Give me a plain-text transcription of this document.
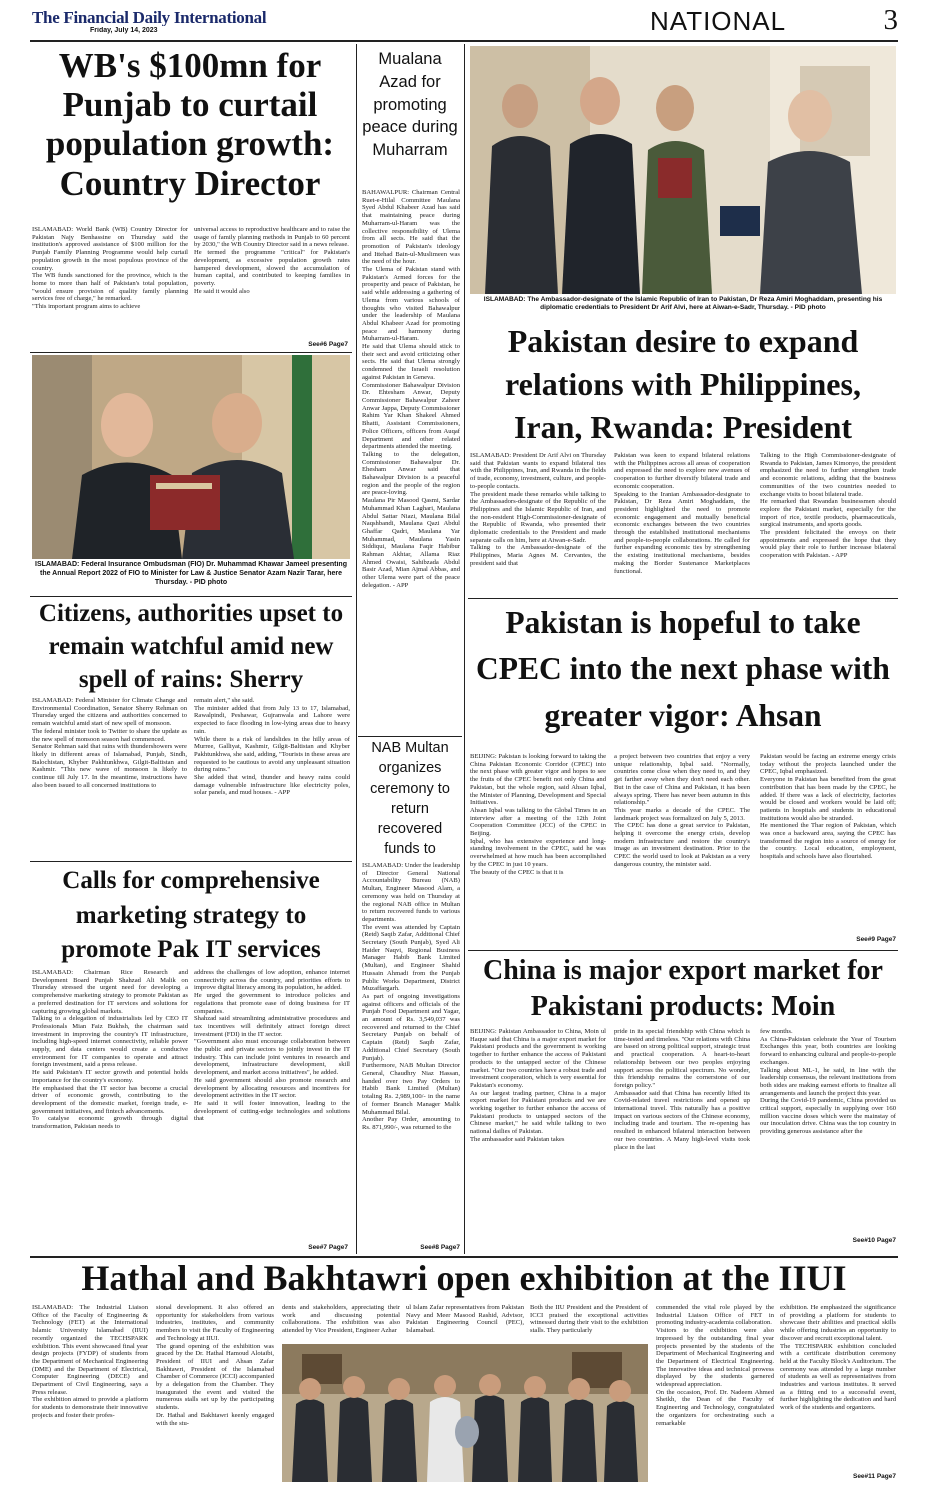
The Financial Daily International
Friday, July 14, 2023	NATIONAL	3
WB's $100mn for Punjab to curtail population growth: Country Director
ISLAMABAD: World Bank (WB) Country Director for Pakistan Najy Benhassine on Thursday said the institution's approved assistance of $100 million for the Punjab Family Planning Programme would help curtail population growth in the most populous province of the country.
The WB funds sanctioned for the province, which is the home to more than half of Pakistan's total population, "would ensure provision of quality family planning services free of charge," he remarked.
"This important program aims to achieve
universal access to reproductive healthcare and to raise the usage of family planning methods in Punjab to 60 percent by 2030," the WB Country Director said in a news release.
He termed the programme "critical" for Pakistan's development, as excessive population growth rates hampered development, slowed the accumulation of human capital, and contributed to keeping families in poverty.
He said it would also
See#6 Page7
ISLAMABAD: Federal Insurance Ombudsman (FIO) Dr. Muhammad Khawar Jameel presenting the Annual Report 2022 of FIO to Minister for Law & Justice Senator Azam Nazir Tarar, here Thursday. - PID photo
Citizens, authorities upset to remain watchful amid new spell of rains: Sherry
ISLAMABAD: Federal Minister for Climate Change and Environmental Coordination, Senator Sherry Rehman on Thursday urged the citizens and authorities concerned to remain watchful amid start of new spell of monsoon.
The federal minister took to Twitter to share the update as the new spell of monsoon season had commenced.
Senator Rehman said that rains with thundershowers were likely in different areas of Islamabad, Punjab, Sindh, Balochistan, Khyber Pakhtunkhwa, Gilgit-Baltistan and Kashmir. "This new wave of monsoon is likely to continue till July 17. In the meantime, instructions have also been issued to all concerned institutions to
remain alert," she said.
The minister added that from July 13 to 17, Islamabad, Rawalpindi, Peshawar, Gujranwala and Lahore were expected to face flooding in low-lying areas due to heavy rain.
While there is a risk of landslides in the hilly areas of Murree, Galliyat, Kashmir, Gilgit-Baltistan and Khyber Pakhtunkhwa, she said, adding, "Tourists in these areas are requested to be cautious to avoid any unpleasant situation during rains."
She added that wind, thunder and heavy rains could damage vulnerable infrastructure like electricity poles, solar panels, and mud houses. - APP
Calls for comprehensive marketing strategy to promote Pak IT services
ISLAMABAD: Chairman Rice Research and Development Board Punjab Shahzad Ali Malik on Thursday stressed the urgent need for developing a comprehensive marketing strategy to promote Pakistan as a preferred destination for IT services and solutions for capturing growing global markets.
Talking to a delegation of industrialists led by CEO IT Professionals Mian Faiz Bukhsh, the chairman said investment in improving the country's IT infrastructure, including high-speed internet connectivity, reliable power supply, and data centers would create a conducive environment for IT companies to operate and attract foreign investment, said a press release.
He said Pakistan's IT sector growth and potential holds importance for the country's economy.
He emphasised that the IT sector has become a crucial driver of economic growth, contributing to the development of the domestic market, foreign trade, e-government initiatives, and fintech advancements.
To catalyse economic growth through digital transformation, Pakistan needs to
address the challenges of low adoption, enhance internet connectivity across the country, and priorities efforts to improve digital literacy among its population, he added.
He urged the government to introduce policies and regulations that promote ease of doing business for IT companies.
Shahzad said streamlining administrative procedures and tax incentives will definitely attract foreign direct investment (FDI) in the IT sector.
"Government also must encourage collaboration between the public and private sectors to jointly invest in the IT industry. This can include joint ventures in research and development, infrastructure development, skill development, and market access initiatives", he added.
He said government should also promote research and development by allocating resources and incentives for development activities in the IT sector.
He said it will foster innovation, leading to the development of cutting-edge technologies and solutions that
See#7 Page7
Mualana Azad for promoting peace during Muharram
BAHAWALPUR: Chairman Central Ruet-e-Hilal Committee Maulana Syed Abdul Khabeer Azad has said that maintaining peace during Muharram-ul-Haram was the collective responsibility of Ulema from all sects. He said that the promotion of Pakistan's ideology and Ittehad Bain-ul-Muslimeen was the need of the hour.
The Ulema of Pakistan stand with Pakistan's Armed forces for the prosperity and peace of Pakistan, he said while addressing a gathering of Ulema from various schools of thoughts who visited Bahawalpur under the leadership of Maulana Abdul Khabeer Azad for promoting peace and harmony during Muharram-ul-Haram.
He said that Ulema should stick to their sect and avoid criticizing other sects. He said that Ulema strongly condemned the Israeli resolution against Pakistan in Geneva.
Commissioner Bahawalpur Division Dr. Ehtesham Anwar, Deputy Commissioner Bahawalpur Zaheer Anwar Jappa, Deputy Commissioner Rahim Yar Khan Shakeel Ahmed Bhatti, Assistant Commissioners, Police Officers, officers from Auqaf Department and other related departments attended the meeting.
Talking to the delegation, Commissioner Bahawalpur Dr. Ehesham Anwar said that Bahawalpur Division is a peaceful region and the people of the region are peace-loving.
Maulana Pir Masood Qasmi, Sardar Muhammad Khan Laghari, Maulana Abdul Sattar Niazi, Maulana Bilal Naqshbandi, Maulana Qazi Abdul Ghaffar Qadri, Maulana Yar Muhammad, Maulana Yasin Siddiqui, Maulana Faqir Habibur Rahman Akhtar, Allama Riaz Ahmed Owaisi, Sahibzada Abdul Basir Azad, Mian Ajmal Abbas, and other Ulema were part of the peace delegation. - APP
NAB Multan organizes ceremony to return recovered funds to
ISLAMABAD: Under the leadership of Director General National Accountability Bureau (NAB) Multan, Engineer Masood Alam, a ceremony was held on Thursday at the regional NAB office in Multan to return recovered funds to various departments.
The event was attended by Captain (Retd) Saqib Zafar, Additional Chief Secretary (South Punjab), Syed Ali Haider Naqvi, Regional Business Manager Habib Bank Limited (Multan), and Engineer Shahid Hussain Ahmadi from the Punjab Public Works Department, District Muzaffargarh.
As part of ongoing investigations against officers and officials of the Punjab Food Department and Yagar, an amount of Rs. 3,549,037 was recovered and returned to the Chief Secretary Punjab on behalf of Captain (Retd) Saqib Zafar, Additional Chief Secretary (South Punjab).
Furthermore, NAB Multan Director General, Chaudhry Niaz Hassan, handed over two Pay Orders to Habib Bank Limited (Multan) totaling Rs. 2,989,100/- in the name of former Branch Manager Malik Muhammad Bilal.
Another Pay Order, amounting to Rs. 871,990/-, was returned to the
See#8 Page7
ISLAMABAD: The Ambassador-designate of the Islamic Republic of Iran to Pakistan, Dr Reza Amiri Moghaddam, presenting his diplomatic credentials to President Dr Arif Alvi, here at Aiwan-e-Sadr, Thursday. - PID photo
Pakistan desire to expand relations with Philippines, Iran, Rwanda: President
ISLAMABAD: President Dr Arif Alvi on Thursday said that Pakistan wants to expand bilateral ties with the Philippines, Iran, and Rwanda in the fields of trade, economy, investment, culture, and people-to-people contacts.
The president made these remarks while talking to the Ambassadors-designate of the Republic of the Philippines and the Islamic Republic of Iran, and the non-resident High-Commissioner-designate of the Republic of Rwanda, who presented their diplomatic credentials to the President and made separate calls on him, here at Aiwan-e-Sadr.
Talking to the Ambassador-designate of the Philippines, Maria Agnes M. Cervantes, the president said that
Pakistan was keen to expand bilateral relations with the Philippines across all areas of cooperation and expressed the need to explore new avenues of cooperation to further diversify bilateral trade and economic cooperation.
Speaking to the Iranian Ambassador-designate to Pakistan, Dr Reza Amiri Moghaddam, the president highlighted the need to promote economic engagement and mutually beneficial economic exchanges between the two countries through the established institutional mechanisms and people-to-people collaborations. He called for further expanding economic ties by strengthening the existing institutional mechanisms, besides making the Border Sustenance Marketplaces functional.
Talking to the High Commissioner-designate of Rwanda to Pakistan, James Kimonyo, the president emphasized the need to further strengthen trade and economic relations, adding that the business communities of the two countries needed to exchange visits to boost bilateral trade.
He remarked that Rwandan businessmen should explore the Pakistani market, especially for the import of rice, textile products, pharmaceuticals, surgical instruments, and sports goods.
The president felicitated the envoys on their appointments and expressed the hope that they would play their role to further increase bilateral cooperation with Pakistan. - APP
Pakistan is hopeful to take CPEC into the next phase with greater vigor: Ahsan
BEIJING: Pakistan is looking forward to taking the China Pakistan Economic Corridor (CPEC) into the next phase with greater vigor and hopes to see the fruits of the CPEC benefit not only China and Pakistan, but the whole region, said Ahsan Iqbal, the Minister of Planning, Development and Special Initiatives.
Ahsan Iqbal was talking to the Global Times in an interview after a meeting of the 12th Joint Cooperation Committee (JCC) of the CPEC in Beijing.
Iqbal, who has extensive experience and long-standing involvement in the CPEC, said he was overwhelmed at how much has been accomplished by the CPEC in just 10 years.
The beauty of the CPEC is that it is
a project between two countries that enjoy a very unique relationship, Iqbal said. "Normally, countries come close when they need to, and they get farther away when they don't need each other. But in the case of China and Pakistan, it has been always spring. There has never been autumn in this relationship."
This year marks a decade of the CPEC. The landmark project was formalized on July 5, 2013.
The CPEC has done a great service to Pakistan, helping it overcome the energy crisis, develop modern infrastructure and restore the country's image as an investment destination. Prior to the CPEC the world used to look at Pakistan as a very dangerous country, the minister said.
Pakistan would be facing an extreme energy crisis today without the projects launched under the CPEC, Iqbal emphasized.
Everyone in Pakistan has benefited from the great contribution that has been made by the CPEC, he added. If there was a lack of electricity, factories would be closed and workers would be laid off; patients in hospitals and students in educational institutions would also be stranded.
He mentioned the Thar region of Pakistan, which was once a backward area, saying the CPEC has transformed the region into a source of energy for the country. Local education, employment, hospitals and schools have also flourished.
See#9 Page7
China is major export market for Pakistani products: Moin
BEIJING: Pakistan Ambassador to China, Moin ul Haque said that China is a major export market for Pakistani products and the government is working together to further enhance the access of Pakistani products to the untapped sector of the Chinese market. "Our two countries have a robust trade and investment cooperation, which is very essential for Pakistan's economy.
As our largest trading partner, China is a major export market for Pakistani products and we are working together to further enhance the access of Pakistani products to untapped sectors of the Chinese market," he said while talking to two national dailies of Pakistan.
The ambassador said Pakistan takes
pride in its special friendship with China which is time-tested and timeless. "Our relations with China are based on strong political support, strategic trust and practical cooperation. A heart-to-heart relationship between our two peoples enjoying support across the political spectrum. No wonder, this friendship remains the cornerstone of our foreign policy."
Ambassador said that China has recently lifted its Covid-related travel restrictions and opened up international travel. This naturally has a positive impact on various sectors of the Chinese economy, including trade and tourism. The re-opening has resulted in enhanced bilateral interaction between our two countries. A Many high-level visits took place in the last
few months.
As China-Pakistan celebrate the Year of Tourism Exchanges this year, both countries are looking forward to enhancing cultural and people-to-people exchanges.
Talking about ML-1, he said, in line with the leadership consensus, the relevant institutions from both sides are making earnest efforts to finalize all arrangements and launch the project this year.
During the Covid-19 pandemic, China provided us critical support, especially in supplying over 160 million vaccine doses which were the mainstay of our inoculation drive. China was the top country in providing generous assistance after the
See#10 Page7
Hathal and Bakhtawri open exhibition at the IIUI
ISLAMABAD: The Industrial Liaison Office of the Faculty of Engineering & Technology (FET) at the International Islamic University Islamabad (IIUI) recently organized the TECHSPARK exhibition. This event showcased final year design projects (FYDP) of students from the Department of Mechanical Engineering (DME) and the Department of Electrical, Computer Engineering (DECE) and Department of Civil Engineering, says a Press release.
The exhibition aimed to provide a platform for students to demonstrate their innovative projects and foster their profes-
sional development. It also offered an opportunity for stakeholders from various industries, institutes, and community members to visit the Faculty of Engineering and Technology at IIUI.
The grand opening of the exhibition was graced by the Dr. Hathal Hamoud Alotaibi, President of IIUI and Ahsan Zafar Bakhtawri, President of the Islamabad Chamber of Commerce (ICCI) accompanied by a delegation from the Chamber. They inaugurated the event and visited the numerous stalls set up by the participating students.
Dr. Hathal and Bakhtawri keenly engaged with the stu-
dents and stakeholders, appreciating their work and discussing potential collaborations. The exhibition was also attended by Vice President, Engineer Azhar
ul Islam Zafar representatives from Pakistan Navy and Meer Masood Rashid, Advisor, Pakistan Engineering Council (PEC), Islamabad.
Both the IIU President and the President of ICCI praised the exceptional activities witnessed during their visit to the exhibition stalls. They particularly
commended the vital role played by the Industrial Liaison Office of FET in promoting industry-academia collaboration.
Visitors to the exhibition were also impressed by the outstanding final year projects presented by the students of the Department of Mechanical Engineering and the Department of Electrical Engineering. The innovative ideas and technical prowess displayed by the students garnered widespread appreciation.
On the occasion, Prof. Dr. Nadeem Ahmed Sheikh, the Dean of the Faculty of Engineering and Technology, congratulated the organizers for orchestrating such a remarkable
exhibition. He emphasized the significance of providing a platform for students to showcase their abilities and practical skills while offering industries an opportunity to discover and recruit exceptional talent.
The TECHSPARK exhibition concluded with a certificate distribution ceremony held at the Faculty Block's Auditorium. The ceremony was attended by a large number of students as well as representatives from industries and various institutes. It served as a fitting end to a successful event, further highlighting the dedication and hard work of the students and organizers.
See#11 Page7
